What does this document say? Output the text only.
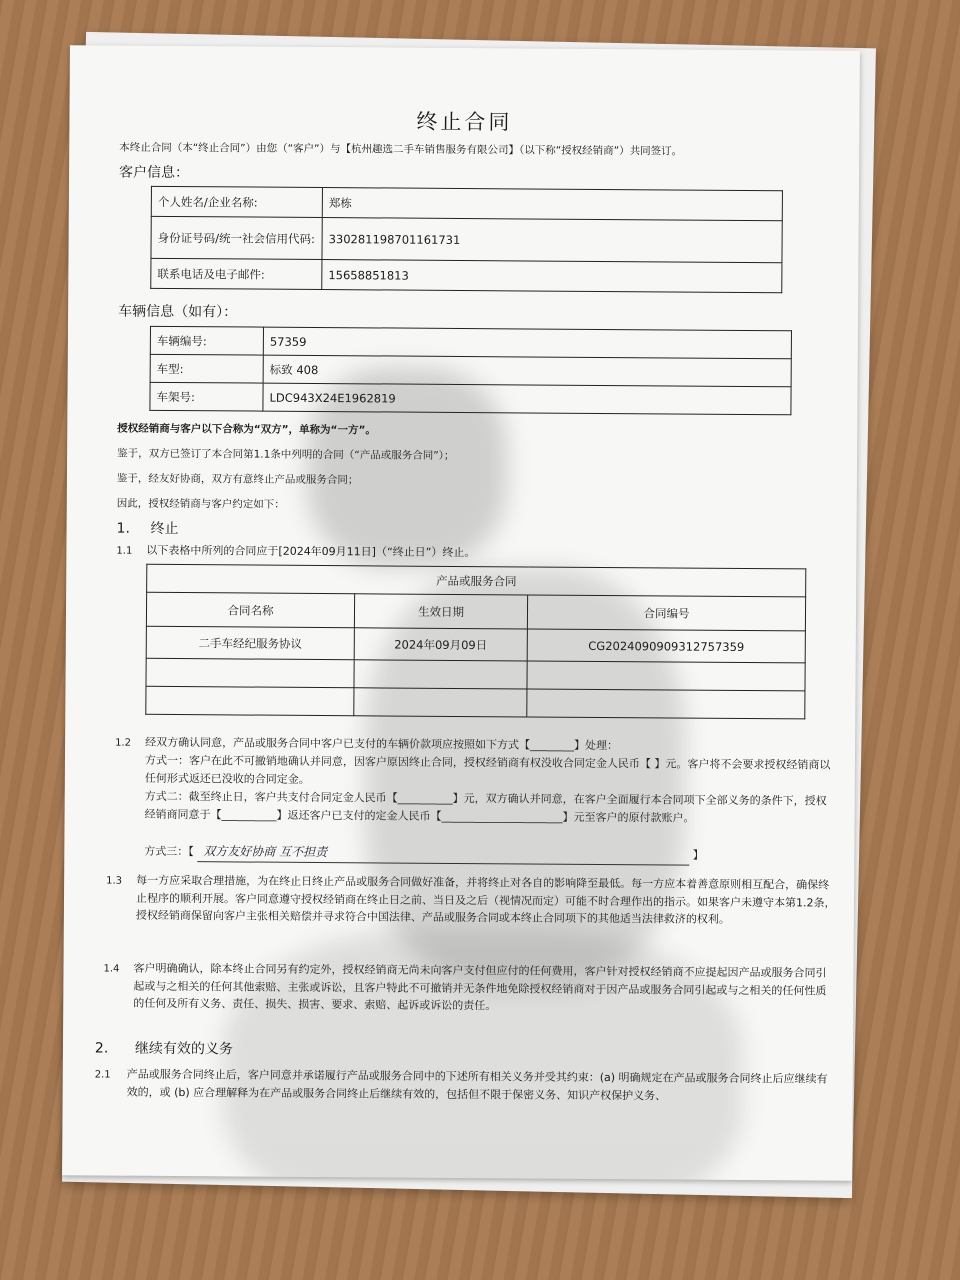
终止合同
本终止合同（本“终止合同”）由您（“客户”）与【杭州趣选二手车销售服务有限公司】（以下称“授权经销商”）共同签订。
客户信息：
个人姓名/企业名称:	郑栋
身份证号码/统一社会信用代码:	330281198701161731
联系电话及电子邮件:	15658851813
车辆信息（如有）：
车辆编号:	57359
车型:	标致 408
车架号:	LDC943X24E1962819
授权经销商与客户以下合称为“双方”，单称为“一方”。
鉴于，双方已签订了本合同第1.1条中列明的合同（“产品或服务合同”）；
鉴于，经友好协商，双方有意终止产品或服务合同；
因此，授权经销商与客户约定如下：
1. 终止
1.1 以下表格中所列的合同应于[2024年09月11日]（“终止日”）终止。
产品或服务合同		
合同名称	生效日期	合同编号
二手车经纪服务协议	2024年09月09日	CG2024090909312757359

1.2 经双方确认同意，产品或服务合同中客户已支付的车辆价款项应按照如下方式【________】处理：
方式一：客户在此不可撤销地确认并同意，因客户原因终止合同，授权经销商有权没收合同定金人民币【 】元。客户将不会要求授权经销商以任何形式返还已没收的合同定金。
方式二：截至终止日，客户共支付合同定金人民币【__________】元，双方确认并同意，在客户全面履行本合同项下全部义务的条件下，授权经销商同意于【__________】返还客户已支付的定金人民币【______________________】元至客户的原付款账户。
方式三：【 双方友好协商 互不担责	】
1.3 每一方应采取合理措施，为在终止日终止产品或服务合同做好准备，并将终止对各自的影响降至最低。每一方应本着善意原则相互配合，确保终止程序的顺利开展。客户同意遵守授权经销商在终止日之前、当日及之后（视情况而定）可能不时合理作出的指示。如果客户未遵守本第1.2条，授权经销商保留向客户主张相关赔偿并寻求符合中国法律、产品或服务合同或本终止合同项下的其他适当法律救济的权利。
1.4 客户明确确认，除本终止合同另有约定外，授权经销商无尚未向客户支付但应付的任何费用，客户针对授权经销商不应提起因产品或服务合同引起或与之相关的任何其他索赔、主张或诉讼，且客户特此不可撤销并无条件地免除授权经销商对于因产品或服务合同引起或与之相关的任何性质的任何及所有义务、责任、损失、损害、要求、索赔、起诉或诉讼的责任。
2. 继续有效的义务
2.1 产品或服务合同终止后，客户同意并承诺履行产品或服务合同中的下述所有相关义务并受其约束：(a) 明确规定在产品或服务合同终止后应继续有效的，或 (b) 应合理解释为在产品或服务合同终止后继续有效的，包括但不限于保密义务、知识产权保护义务、
